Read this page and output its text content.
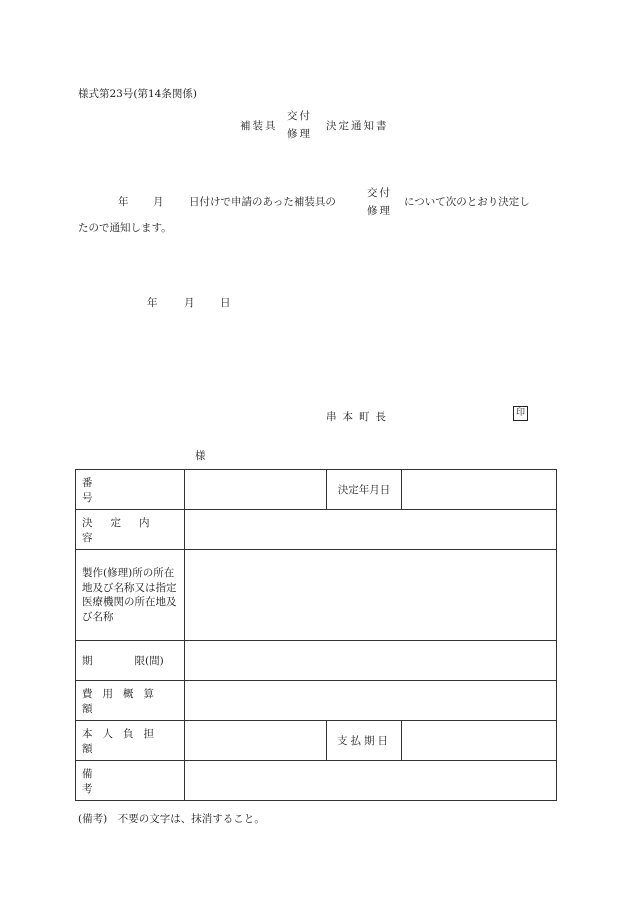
様式第23号(第14条関係)
補装具
交付
修理
決定通知書
年 月 日付けで申請のあった補装具の
交付
修理
について次のとおり決定し
たので通知します。
年	月 日
串本町長	印
様
番号		決定年月日	

決定内容			

製作(修理)所の所在地及び名称又は指定医療機関の所在地及び名称			

期　　　　限(間)			

費用概算額			

本人負担額		支払期日	

備考			

(備考)　不要の文字は、抹消すること。
